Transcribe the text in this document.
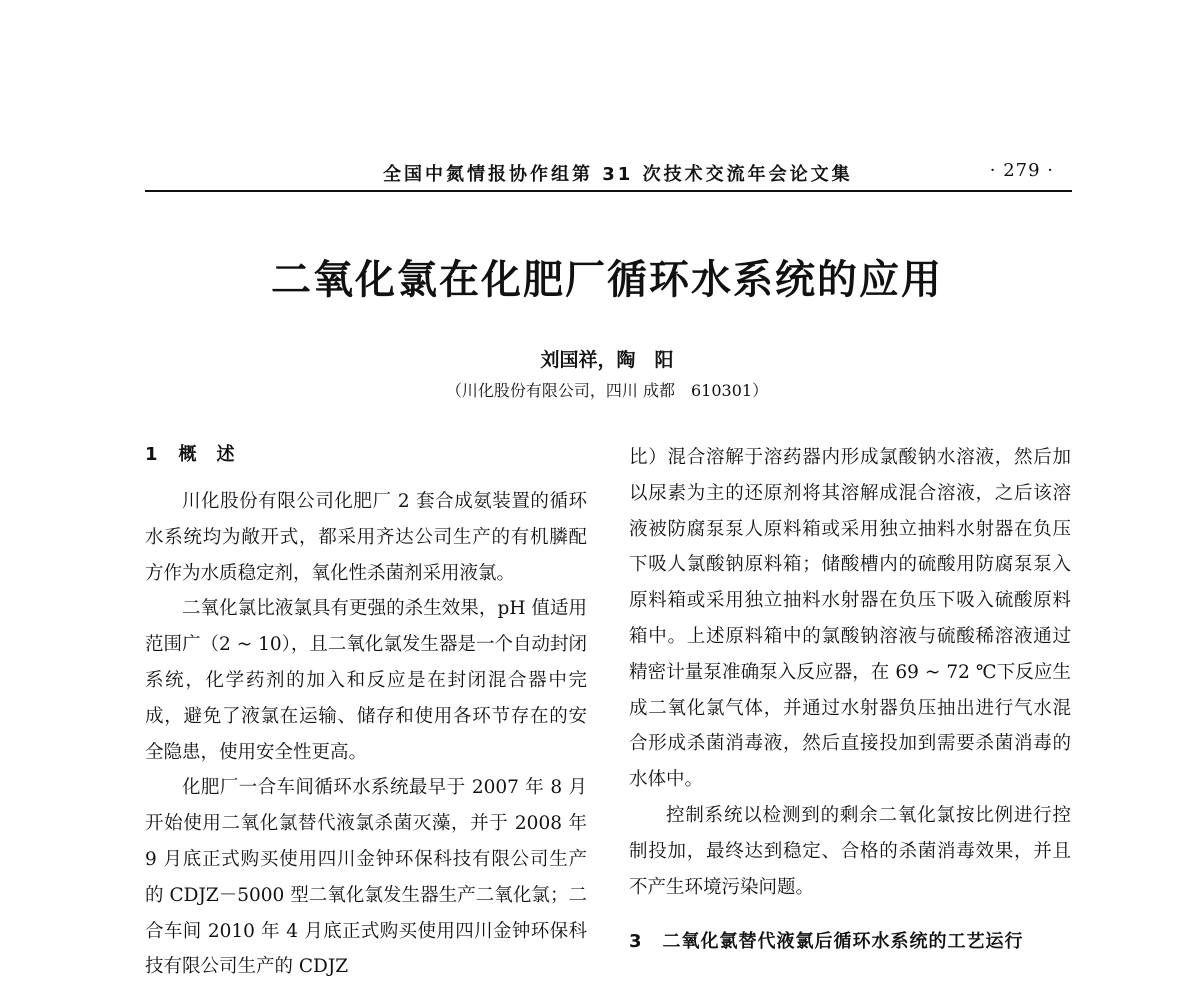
全国中氮情报协作组第 31 次技术交流年会论文集	· 279 ·
二氧化氯在化肥厂循环水系统的应用
刘国祥，陶　阳
（川化股份有限公司，四川 成都　610301）
1 概　述

川化股份有限公司化肥厂 2 套合成氨装置的循环水系统均为敞开式，都采用齐达公司生产的有机膦配方作为水质稳定剂，氧化性杀菌剂采用液氯。

二氧化氯比液氯具有更强的杀生效果，pH 值适用范围广（2 ~ 10），且二氧化氯发生器是一个自动封闭系统，化学药剂的加入和反应是在封闭混合器中完成，避免了液氯在运输、储存和使用各环节存在的安全隐患，使用安全性更高。

化肥厂一合车间循环水系统最早于 2007 年 8 月开始使用二氧化氯替代液氯杀菌灭藻，并于 2008 年 9 月底正式购买使用四川金钟环保科技有限公司生产的 CDJZ－5000 型二氧化氯发生器生产二氧化氯；二合车间 2010 年 4 月底正式购买使用四川金钟环保科技有限公司生产的 CDJZ

比）混合溶解于溶药器内形成氯酸钠水溶液，然后加以尿素为主的还原剂将其溶解成混合溶液，之后该溶液被防腐泵泵人原料箱或采用独立抽料水射器在负压下吸人氯酸钠原料箱；储酸槽内的硫酸用防腐泵泵入原料箱或采用独立抽料水射器在负压下吸入硫酸原料箱中。上述原料箱中的氯酸钠溶液与硫酸稀溶液通过精密计量泵准确泵入反应器，在 69 ~ 72 ℃下反应生成二氧化氯气体，并通过水射器负压抽出进行气水混合形成杀菌消毒液，然后直接投加到需要杀菌消毒的水体中。

控制系统以检测到的剩余二氧化氯按比例进行控制投加，最终达到稳定、合格的杀菌消毒效果，并且不产生环境污染问题。

3 二氧化氯替代液氯后循环水系统的工艺运行
